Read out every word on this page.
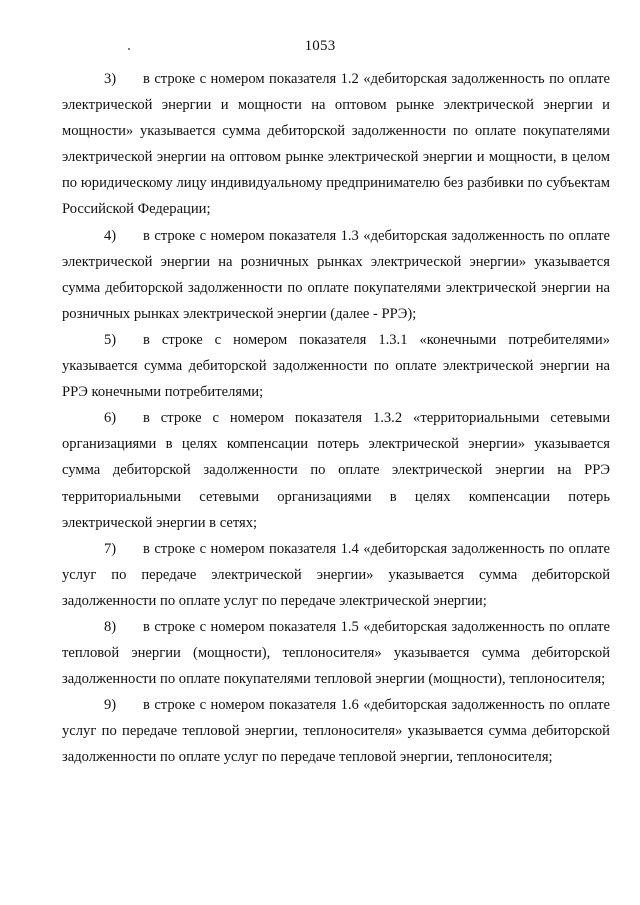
1053

3) в строке с номером показателя 1.2 «дебиторская задолженность по оплате электрической энергии и мощности на оптовом рынке электрической энергии и мощности» указывается сумма дебиторской задолженности по оплате покупателями электрической энергии на оптовом рынке электрической энергии и мощности, в целом по юридическому лицу индивидуальному предпринимателю без разбивки по субъектам Российской Федерации;

4) в строке с номером показателя 1.3 «дебиторская задолженность по оплате электрической энергии на розничных рынках электрической энергии» указывается сумма дебиторской задолженности по оплате покупателями электрической энергии на розничных рынках электрической энергии (далее - РРЭ);

5) в строке с номером показателя 1.3.1 «конечными потребителями» указывается сумма дебиторской задолженности по оплате электрической энергии на РРЭ конечными потребителями;

6) в строке с номером показателя 1.3.2 «территориальными сетевыми организациями в целях компенсации потерь электрической энергии» указывается сумма дебиторской задолженности по оплате электрической энергии на РРЭ территориальными сетевыми организациями в целях компенсации потерь электрической энергии в сетях;

7) в строке с номером показателя 1.4 «дебиторская задолженность по оплате услуг по передаче электрической энергии» указывается сумма дебиторской задолженности по оплате услуг по передаче электрической энергии;

8) в строке с номером показателя 1.5 «дебиторская задолженность по оплате тепловой энергии (мощности), теплоносителя» указывается сумма дебиторской задолженности по оплате покупателями тепловой энергии (мощности), теплоносителя;

9) в строке с номером показателя 1.6 «дебиторская задолженность по оплате услуг по передаче тепловой энергии, теплоносителя» указывается сумма дебиторской задолженности по оплате услуг по передаче тепловой энергии, теплоносителя;
